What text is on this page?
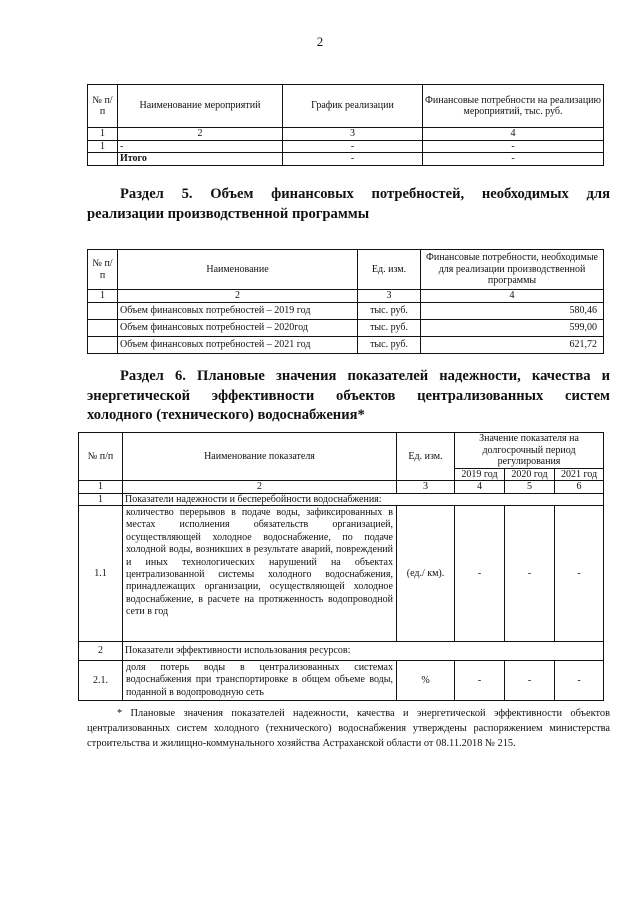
2
№ п/п	Наименование мероприятий	График реализации	Финансовые потребности на реализацию мероприятий, тыс. руб.
1	2	3	4
1	-	-	-
	Итого	-	-
Раздел 5. Объем финансовых потребностей, необходимых для
реализации производственной программы
№ п/п	Наименование	Ед. изм.	Финансовые потребности, необходимые для реализации производственной программы
1	2	3	4
	Объем финансовых потребностей – 2019 год	тыс. руб.	580,46
	Объем финансовых потребностей – 2020год	тыс. руб.	599,00
	Объем финансовых потребностей – 2021 год	тыс. руб.	621,72
Раздел 6. Плановые значения показателей надежности, качества и
энергетической эффективности объектов централизованных систем
холодного (технического) водоснабжения*
№ п/п	Наименование показателя	Ед. изм.	Значение показателя на долгосрочный период регулирования		
			2019 год	2020 год	2021 год
1	2	3	4	5	6
1	Показатели надежности и бесперебойности водоснабжения:				
1.1	количество перерывов в подаче воды, зафиксированных в местах исполнения обязательств организацией, осуществляющей холодное водоснабжение, по подаче холодной воды, возникших в результате аварий, повреждений и иных технологических нарушений на объектах централизованной системы холодного водоснабжения, принадлежащих организации, осуществляющей холодное водоснабжение, в расчете на протяженность водопроводной сети в год	(ед./ км).	-	-	-
2	Показатели эффективности использования ресурсов:				
2.1.	доля потерь воды в централизованных системах водоснабжения при транспортировке в общем объеме воды, поданной в водопроводную сеть	%	-	-	-
* Плановые значения показателей надежности, качества и энергетической эффективности объектов централизованных систем холодного (технического) водоснабжения утверждены распоряжением министерства строительства и жилищно-коммунального хозяйства Астраханской области от 08.11.2018 № 215.
